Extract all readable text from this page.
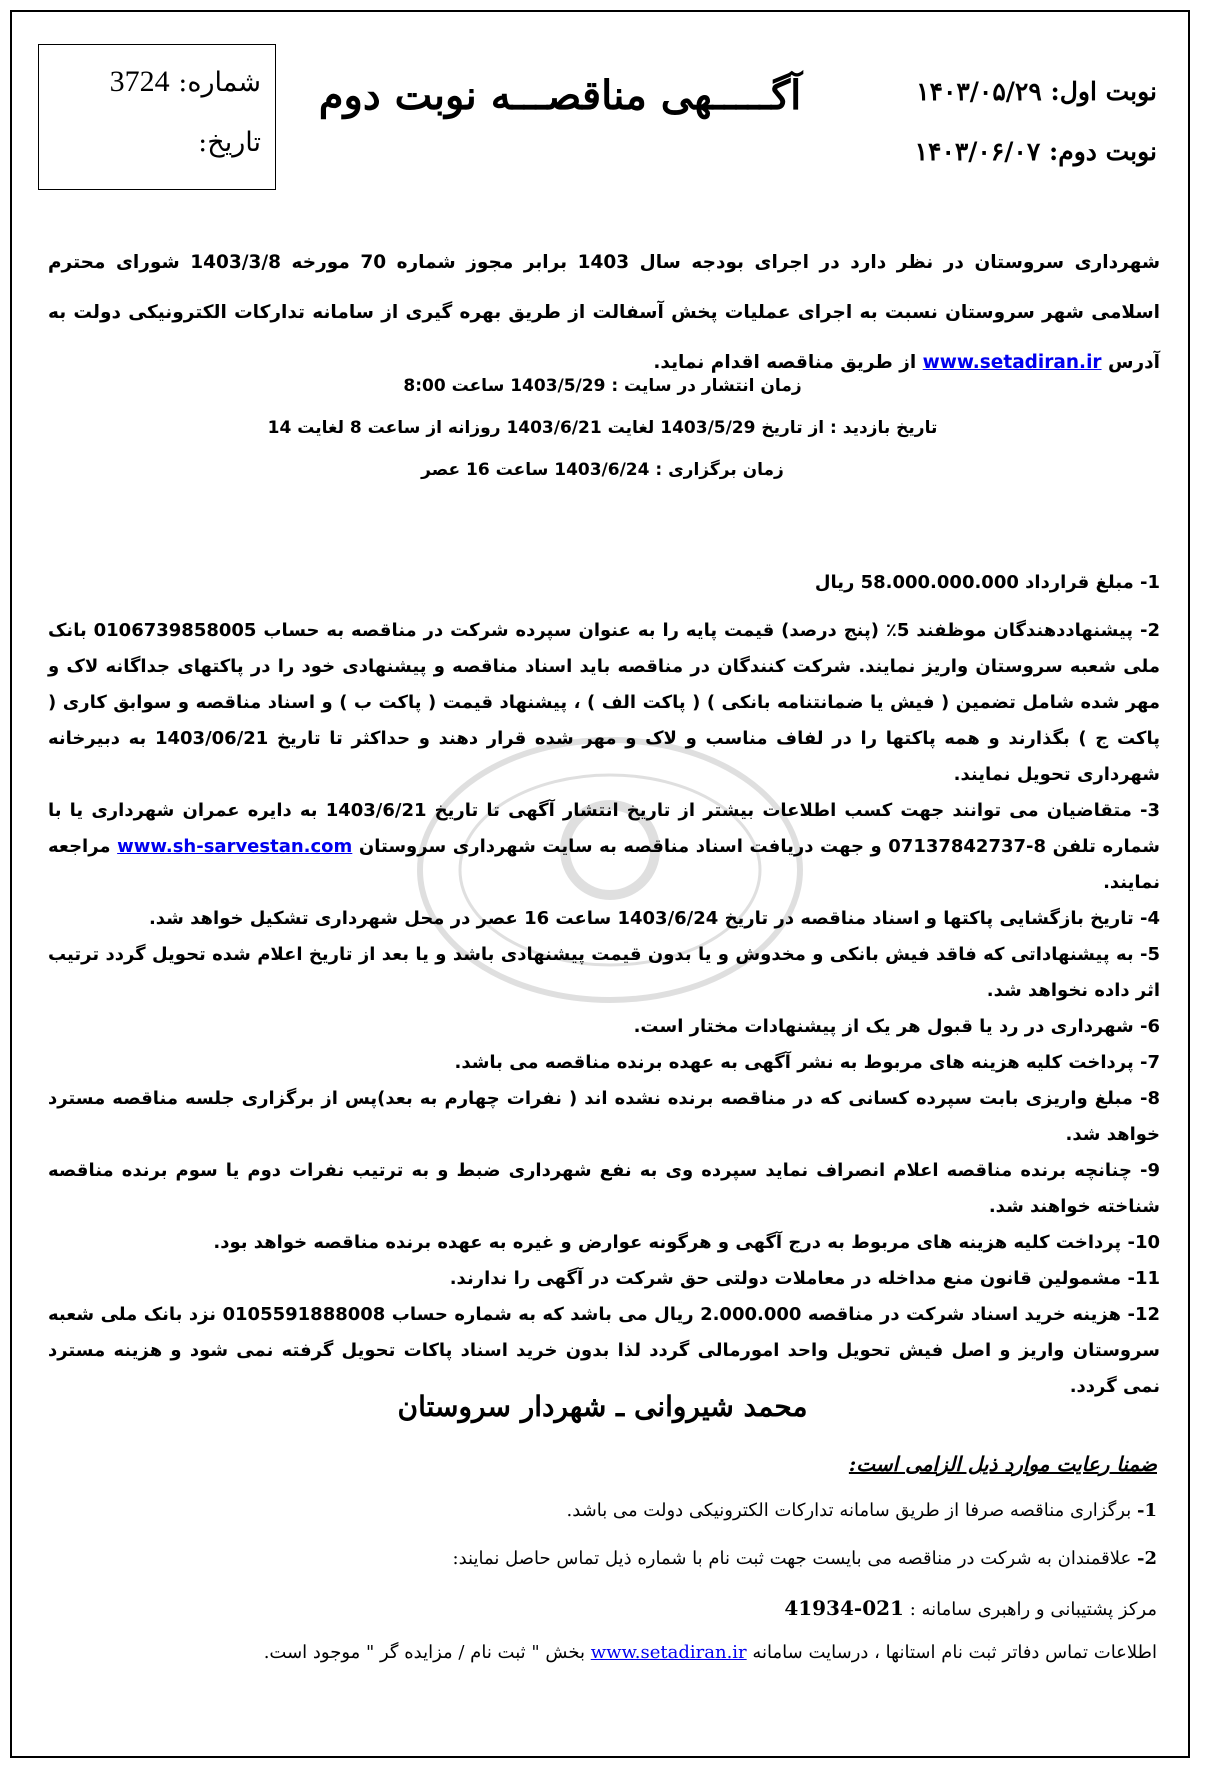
نوبت اول: ۱۴۰۳/۰۵/۲۹
نوبت دوم: ۱۴۰۳/۰۶/۰۷
آگـــــهی مناقصـــه نوبت دوم
شماره: 3724
تاریخ:
شهرداری سروستان در نظر دارد در اجرای بودجه سال 1403 برابر مجوز شماره 70 مورخه 1403/3/8 شورای محترم اسلامی شهر سروستان نسبت به اجرای عملیات پخش آسفالت از طریق بهره گیری از سامانه تدارکات الکترونیکی دولت به آدرس www.setadiran.ir از طریق مناقصه اقدام نماید.
زمان انتشار در سایت : 1403/5/29 ساعت 8:00
تاریخ بازدید : از تاریخ 1403/5/29 لغایت 1403/6/21 روزانه از ساعت 8 لغایت 14
زمان برگزاری : 1403/6/24 ساعت 16 عصر
1- مبلغ قرارداد 58.000.000.000 ریال
2- پیشنهاددهندگان موظفند 5٪ (پنج درصد) قیمت پایه را به عنوان سپرده شرکت در مناقصه به حساب 0106739858005 بانک ملی شعبه سروستان واریز نمایند. شرکت کنندگان در مناقصه باید اسناد مناقصه و پیشنهادی خود را در پاکتهای جداگانه لاک و مهر شده شامل تضمین ( فیش یا ضمانتنامه بانکی ) ( پاکت الف ) ، پیشنهاد قیمت ( پاکت ب ) و اسناد مناقصه و سوابق کاری ( پاکت ج ) بگذارند و همه پاکتها را در لفاف مناسب و لاک و مهر شده قرار دهند و حداکثر تا تاریخ 1403/06/21 به دبیرخانه شهرداری تحویل نمایند.
3- متقاضیان می توانند جهت کسب اطلاعات بیشتر از تاریخ انتشار آگهی تا تاریخ 1403/6/21 به دایره عمران شهرداری یا با شماره تلفن 8-07137842737 و جهت دریافت اسناد مناقصه به سایت شهرداری سروستان www.sh-sarvestan.com مراجعه نمایند.
4- تاریخ بازگشایی پاکتها و اسناد مناقصه در تاریخ 1403/6/24 ساعت 16 عصر در محل شهرداری تشکیل خواهد شد.
5- به پیشنهاداتی که فاقد فیش بانکی و مخدوش و یا بدون قیمت پیشنهادی باشد و یا بعد از تاریخ اعلام شده تحویل گردد ترتیب اثر داده نخواهد شد.
6- شهرداری در رد یا قبول هر یک از پیشنهادات مختار است.
7- پرداخت کلیه هزینه های مربوط به نشر آگهی به عهده برنده مناقصه می باشد.
8- مبلغ واریزی بابت سپرده کسانی که در مناقصه برنده نشده اند ( نفرات چهارم به بعد)پس از برگزاری جلسه مناقصه مسترد خواهد شد.
9- چنانچه برنده مناقصه اعلام انصراف نماید سپرده وی به نفع شهرداری ضبط و به ترتیب نفرات دوم یا سوم برنده مناقصه شناخته خواهند شد.
10- پرداخت کلیه هزینه های مربوط به درج آگهی و هرگونه عوارض و غیره به عهده برنده مناقصه خواهد بود.
11- مشمولین قانون منع مداخله در معاملات دولتی حق شرکت در آگهی را ندارند.
12- هزینه خرید اسناد شرکت در مناقصه 2.000.000 ریال می باشد که به شماره حساب 0105591888008 نزد بانک ملی شعبه سروستان واریز و اصل فیش تحویل واحد امورمالی گردد لذا بدون خرید اسناد پاکات تحویل گرفته نمی شود و هزینه مسترد نمی گردد.
محمد شیروانی ـ شهردار سروستان
ضمنا رعایت موارد ذیل الزامی است:
1- برگزاری مناقصه صرفا از طریق سامانه تدارکات الکترونیکی دولت می باشد.
2- علاقمندان به شرکت در مناقصه می بایست جهت ثبت نام با شماره ذیل تماس حاصل نمایند:
مرکز پشتیبانی و راهبری سامانه : 021-41934
اطلاعات تماس دفاتر ثبت نام استانها ، درسایت سامانه www.setadiran.ir بخش " ثبت نام / مزایده گر " موجود است.
